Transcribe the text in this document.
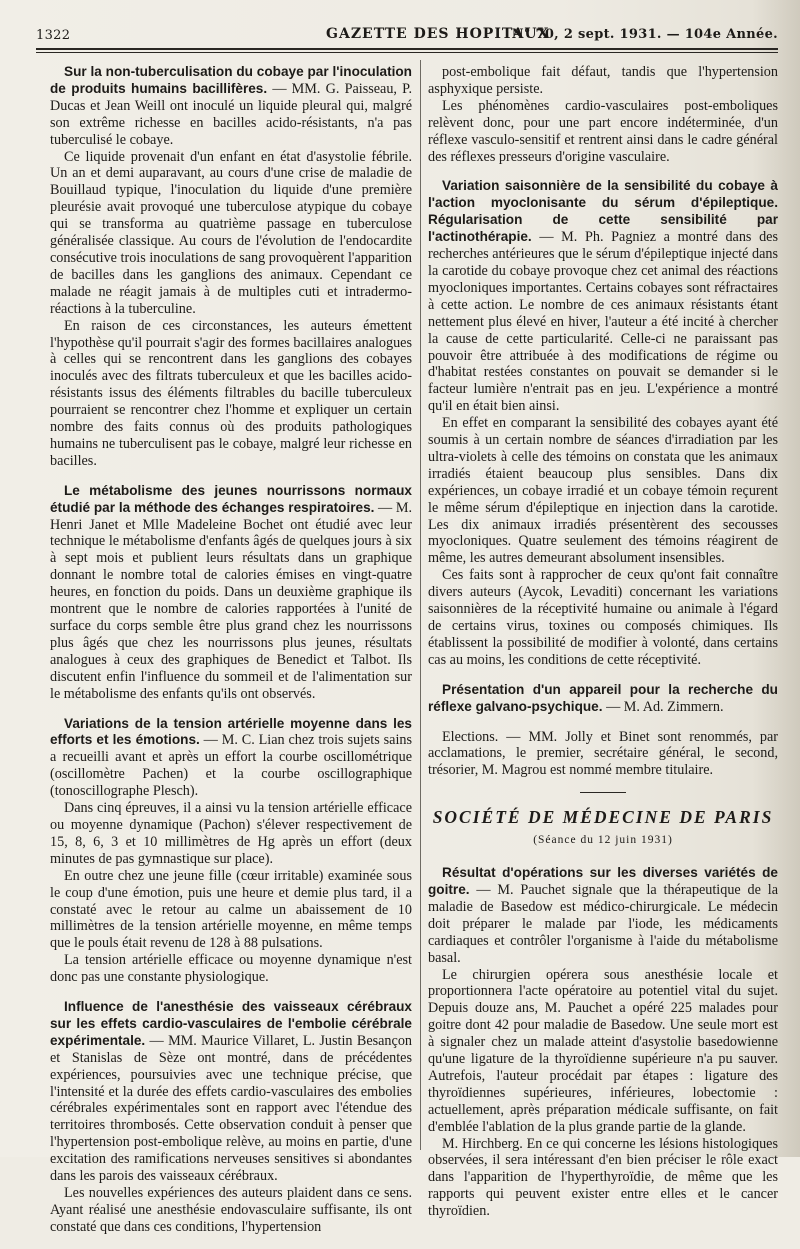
1322	GAZETTE DES HOPITAUX
N° 70, 2 sept. 1931. — 104e Année.

Sur la non-tuberculisation du cobaye par l'inoculation de produits humains bacillifères. — MM. G. Paisseau, P. Ducas et Jean Weill ont inoculé un liquide pleural qui, malgré son extrême richesse en bacilles acido-résistants, n'a pas tuberculisé le cobaye.

Ce liquide provenait d'un enfant en état d'asystolie fébrile. Un an et demi auparavant, au cours d'une crise de maladie de Bouillaud typique, l'inoculation du liquide d'une première pleurésie avait provoqué une tuberculose atypique du cobaye qui se transforma au quatrième passage en tuberculose généralisée classique. Au cours de l'évolution de l'endocardite consécutive trois inoculations de sang provoquèrent l'apparition de bacilles dans les ganglions des animaux. Cependant ce malade ne réagit jamais à de multiples cuti et intradermo-réactions à la tuberculine.

En raison de ces circonstances, les auteurs émettent l'hypothèse qu'il pourrait s'agir des formes bacillaires analogues à celles qui se rencontrent dans les ganglions des cobayes inoculés avec des filtrats tuberculeux et que les bacilles acido-résistants issus des éléments filtrables du bacille tuberculeux pourraient se rencontrer chez l'homme et expliquer un certain nombre des faits connus où des produits pathologiques humains ne tuberculisent pas le cobaye, malgré leur richesse en bacilles.

Le métabolisme des jeunes nourrissons normaux étudié par la méthode des échanges respiratoires. — M. Henri Janet et Mlle Madeleine Bochet ont étudié avec leur technique le métabolisme d'enfants âgés de quelques jours à six à sept mois et publient leurs résultats dans un graphique donnant le nombre total de calories émises en vingt-quatre heures, en fonction du poids. Dans un deuxième graphique ils montrent que le nombre de calories rapportées à l'unité de surface du corps semble être plus grand chez les nourrissons plus âgés que chez les nourrissons plus jeunes, résultats analogues à ceux des graphiques de Benedict et Talbot. Ils discutent enfin l'influence du sommeil et de l'alimentation sur le métabolisme des enfants qu'ils ont observés.

Variations de la tension artérielle moyenne dans les efforts et les émotions. — M. C. Lian chez trois sujets sains a recueilli avant et après un effort la courbe oscillométrique (oscillomètre Pachen) et la courbe oscillographique (tonoscillographe Plesch).

Dans cinq épreuves, il a ainsi vu la tension artérielle efficace ou moyenne dynamique (Pachon) s'élever respectivement de 15, 8, 6, 3 et 10 millimètres de Hg après un effort (deux minutes de pas gymnastique sur place).

En outre chez une jeune fille (cœur irritable) examinée sous le coup d'une émotion, puis une heure et demie plus tard, il a constaté avec le retour au calme un abaissement de 10 millimètres de la tension artérielle moyenne, en même temps que le pouls était revenu de 128 à 88 pulsations.

La tension artérielle efficace ou moyenne dynamique n'est donc pas une constante physiologique.

Influence de l'anesthésie des vaisseaux cérébraux sur les effets cardio-vasculaires de l'embolie cérébrale expérimentale. — MM. Maurice Villaret, L. Justin Besançon et Stanislas de Sèze ont montré, dans de précédentes expériences, poursuivies avec une technique précise, que l'intensité et la durée des effets cardio-vasculaires des embolies cérébrales expérimentales sont en rapport avec l'étendue des territoires thrombosés. Cette observation conduit à penser que l'hypertension post-embolique relève, au moins en partie, d'une excitation des ramifications nerveuses sensitives si abondantes dans les parois des vaisseaux cérébraux.

Les nouvelles expériences des auteurs plaident dans ce sens. Ayant réalisé une anesthésie endovasculaire suffisante, ils ont constaté que dans ces conditions, l'hypertension

post-embolique fait défaut, tandis que l'hypertension asphyxique persiste.

Les phénomènes cardio-vasculaires post-emboliques relèvent donc, pour une part encore indéterminée, d'un réflexe vasculo-sensitif et rentrent ainsi dans le cadre général des réflexes presseurs d'origine vasculaire.

Variation saisonnière de la sensibilité du cobaye à l'action myoclonisante du sérum d'épileptique. Régularisation de cette sensibilité par l'actinothérapie. — M. Ph. Pagniez a montré dans des recherches antérieures que le sérum d'épileptique injecté dans la carotide du cobaye provoque chez cet animal des réactions myocloniques importantes. Certains cobayes sont réfractaires à cette action. Le nombre de ces animaux résistants étant nettement plus élevé en hiver, l'auteur a été incité à chercher la cause de cette particularité. Celle-ci ne paraissant pas pouvoir être attribuée à des modifications de régime ou d'habitat restées constantes on pouvait se demander si le facteur lumière n'entrait pas en jeu. L'expérience a montré qu'il en était bien ainsi.

En effet en comparant la sensibilité des cobayes ayant été soumis à un certain nombre de séances d'irradiation par les ultra-violets à celle des témoins on constata que les animaux irradiés étaient beaucoup plus sensibles. Dans dix expériences, un cobaye irradié et un cobaye témoin reçurent le même sérum d'épileptique en injection dans la carotide. Les dix animaux irradiés présentèrent des secousses myocloniques. Quatre seulement des témoins réagirent de même, les autres demeurant absolument insensibles.

Ces faits sont à rapprocher de ceux qu'ont fait connaître divers auteurs (Aycok, Levaditi) concernant les variations saisonnières de la réceptivité humaine ou animale à l'égard de certains virus, toxines ou composés chimiques. Ils établissent la possibilité de modifier à volonté, dans certains cas au moins, les conditions de cette réceptivité.

Présentation d'un appareil pour la recherche du réflexe galvano-psychique. — M. Ad. Zimmern.

Elections. — MM. Jolly et Binet sont renommés, par acclamations, le premier, secrétaire général, le second, trésorier, M. Magrou est nommé membre titulaire.

SOCIÉTÉ DE MÉDECINE DE PARIS
(Séance du 12 juin 1931)

Résultat d'opérations sur les diverses variétés de goitre. — M. Pauchet signale que la thérapeutique de la maladie de Basedow est médico-chirurgicale. Le médecin doit préparer le malade par l'iode, les médicaments cardiaques et contrôler l'organisme à l'aide du métabolisme basal.

Le chirurgien opérera sous anesthésie locale et proportionnera l'acte opératoire au potentiel vital du sujet. Depuis douze ans, M. Pauchet a opéré 225 malades pour goitre dont 42 pour maladie de Basedow. Une seule mort est à signaler chez un malade atteint d'asystolie basedowienne qu'une ligature de la thyroïdienne supérieure n'a pu sauver. Autrefois, l'auteur procédait par étapes : ligature des thyroïdiennes supérieures, inférieures, lobectomie : actuellement, après préparation médicale suffisante, on fait d'emblée l'ablation de la plus grande partie de la glande.

M. Hirchberg. En ce qui concerne les lésions histologiques observées, il sera intéressant d'en bien préciser le rôle exact dans l'apparition de l'hyperthyroïdie, de même que les rapports qui peuvent exister entre elles et le cancer thyroïdien.
